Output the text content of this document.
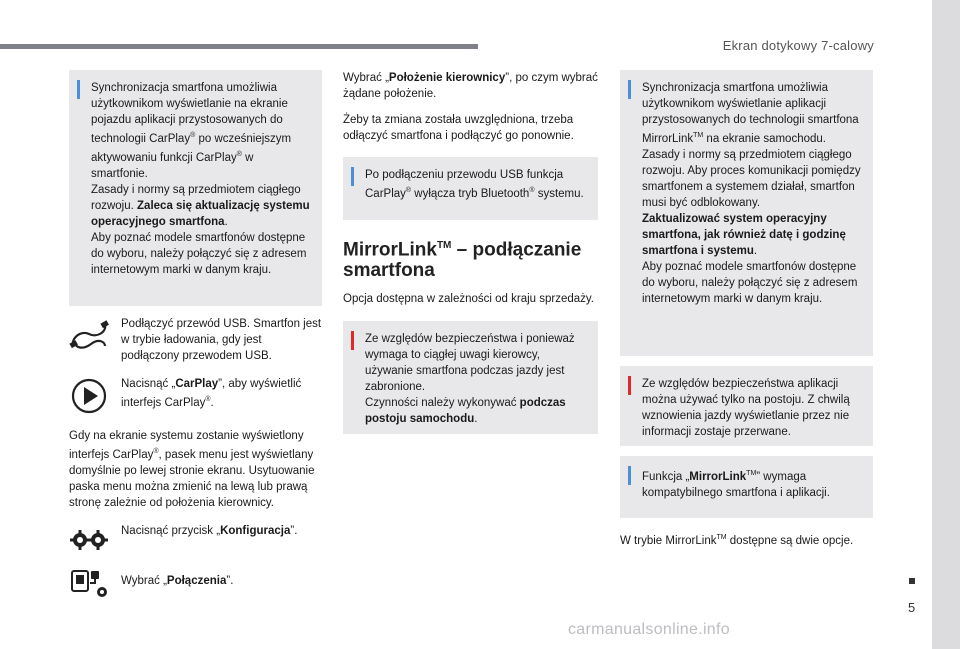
Ekran dotykowy 7-calowy
5

Synchronizacja smartfona umożliwia użytkownikom wyświetlanie na ekranie pojazdu aplikacji przystosowanych do technologii CarPlay® po wcześniejszym aktywowaniu funkcji CarPlay® w smartfonie.
Zasady i normy są przedmiotem ciągłego rozwoju. Zaleca się aktualizację systemu operacyjnego smartfona.
Aby poznać modele smartfonów dostępne do wyboru, należy połączyć się z adresem internetowym marki w danym kraju.

Podłączyć przewód USB. Smartfon jest w trybie ładowania, gdy jest podłączony przewodem USB.

Nacisnąć „CarPlay”, aby wyświetlić interfejs CarPlay®.

Gdy na ekranie systemu zostanie wyświetlony interfejs CarPlay®, pasek menu jest wyświetlany domyślnie po lewej stronie ekranu. Usytuowanie paska menu można zmienić na lewą lub prawą stronę zależnie od położenia kierownicy.

Nacisnąć przycisk „Konfiguracja”.

Wybrać „Połączenia”.

Wybrać „Położenie kierownicy”, po czym wybrać żądane położenie.

Żeby ta zmiana została uwzględniona, trzeba odłączyć smartfona i podłączyć go ponownie.

Po podłączeniu przewodu USB funkcja CarPlay® wyłącza tryb Bluetooth® systemu.

MirrorLink™ – podłączanie smartfona

Opcja dostępna w zależności od kraju sprzedaży.

Ze względów bezpieczeństwa i ponieważ wymaga to ciągłej uwagi kierowcy, używanie smartfona podczas jazdy jest zabronione.
Czynności należy wykonywać podczas postoju samochodu.

Synchronizacja smartfona umożliwia użytkownikom wyświetlanie aplikacji przystosowanych do technologii smartfona MirrorLink™ na ekranie samochodu.
Zasady i normy są przedmiotem ciągłego rozwoju. Aby proces komunikacji pomiędzy smartfonem a systemem działał, smartfon musi być odblokowany.
Zaktualizować system operacyjny smartfona, jak również datę i godzinę smartfona i systemu.
Aby poznać modele smartfonów dostępne do wyboru, należy połączyć się z adresem internetowym marki w danym kraju.

Ze względów bezpieczeństwa aplikacji można używać tylko na postoju. Z chwilą wznowienia jazdy wyświetlanie przez nie informacji zostaje przerwane.

Funkcja „MirrorLink™” wymaga kompatybilnego smartfona i aplikacji.

W trybie MirrorLink™ dostępne są dwie opcje.

carmanualsonline.info
